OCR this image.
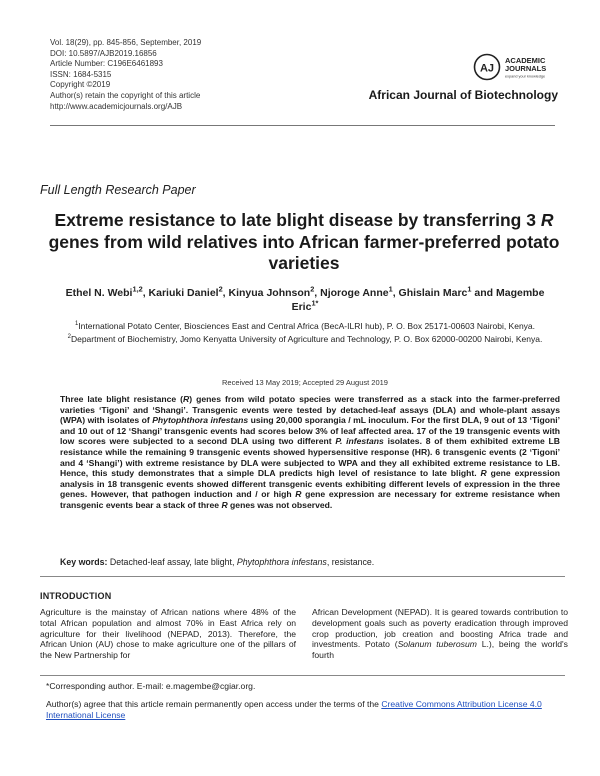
Vol. 18(29), pp. 845-856, September, 2019
DOI: 10.5897/AJB2019.16856
Article Number: C196E6461893
ISSN: 1684-5315
Copyright ©2019
Author(s) retain the copyright of this article
http://www.academicjournals.org/AJB
AJ
ACADEMIC
JOURNALS
expand your knowledge
African Journal of Biotechnology
Full Length Research Paper
Extreme resistance to late blight disease by transferring 3 R genes from wild relatives into African farmer-preferred potato varieties
Ethel N. Webi$^{1,2}$, Kariuki Daniel$^2$, Kinyua Johnson$^2$, Njoroge Anne$^1$, Ghislain Marc$^1$ and Magembe Eric$^{1*}$
$^1$International Potato Center, Biosciences East and Central Africa (BecA-ILRI hub), P. O. Box 25171-00603 Nairobi, Kenya.
$^2$Department of Biochemistry, Jomo Kenyatta University of Agriculture and Technology, P. O. Box 62000-00200 Nairobi, Kenya.
Received 13 May 2019; Accepted 29 August 2019
Three late blight resistance (R) genes from wild potato species were transferred as a stack into the farmer-preferred varieties ‘Tigoni’ and ‘Shangi’. Transgenic events were tested by detached-leaf assays (DLA) and whole-plant assays (WPA) with isolates of Phytophthora infestans using 20,000 sporangia / mL inoculum. For the first DLA, 9 out of 13 ‘Tigoni’ and 10 out of 12 ‘Shangi’ transgenic events had scores below 3% of leaf affected area. 17 of the 19 transgenic events with low scores were subjected to a second DLA using two different P. infestans isolates. 8 of them exhibited extreme LB resistance while the remaining 9 transgenic events showed hypersensitive response (HR). 6 transgenic events (2 ‘Tigoni’ and 4 ‘Shangi’) with extreme resistance by DLA were subjected to WPA and they all exhibited extreme resistance to LB. Hence, this study demonstrates that a simple DLA predicts high level of resistance to late blight. R gene expression analysis in 18 transgenic events showed different transgenic events exhibiting different levels of expression in the three genes. However, that pathogen induction and / or high R gene expression are necessary for extreme resistance when transgenic events bear a stack of three R genes was not observed.
Key words: Detached-leaf assay, late blight, Phytophthora infestans, resistance.
INTRODUCTION
Agriculture is the mainstay of African nations where 48% of the total African population and almost 70% in East Africa rely on agriculture for their livelihood (NEPAD, 2013). Therefore, the African Union (AU) chose to make agriculture one of the pillars of the New Partnership for
African Development (NEPAD). It is geared towards contribution to development goals such as poverty eradication through improved crop production, job creation and boosting Africa trade and investments. Potato (Solanum tuberosum L.), being the world's fourth
*Corresponding author. E-mail: e.magembe@cgiar.org.
Author(s) agree that this article remain permanently open access under the terms of the Creative Commons Attribution License 4.0 International License
